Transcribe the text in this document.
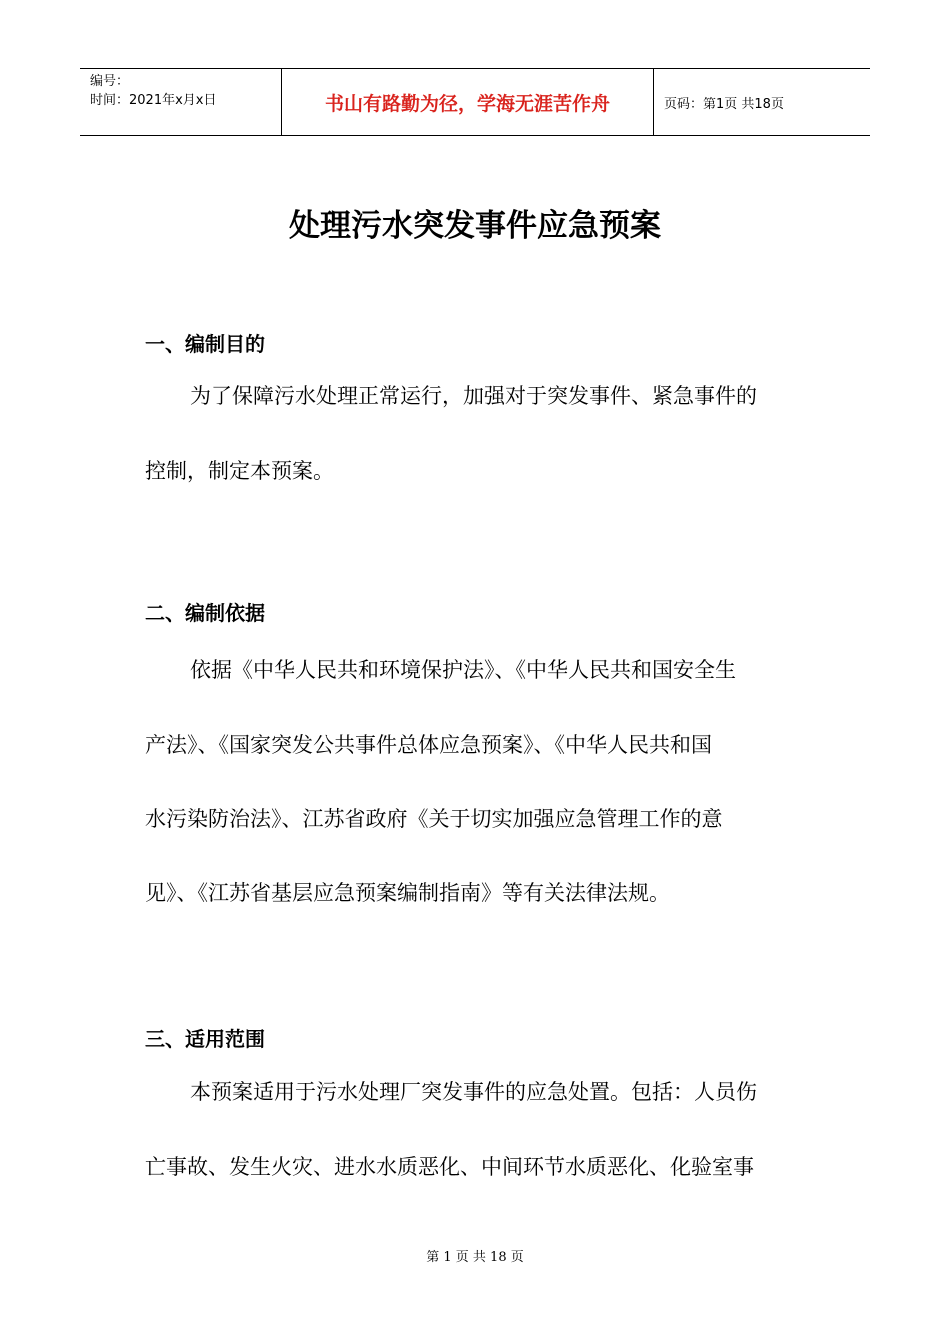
编号：
时间：2021年x月x日	书山有路勤为径，学海无涯苦作舟	页码：第1页 共18页
处理污水突发事件应急预案
一、编制目的
为了保障污水处理正常运行，加强对于突发事件、紧急事件的
控制，制定本预案。
二、编制依据
依据《中华人民共和环境保护法》、《中华人民共和国安全生
产法》、《国家突发公共事件总体应急预案》、《中华人民共和国
水污染防治法》、江苏省政府《关于切实加强应急管理工作的意
见》、《江苏省基层应急预案编制指南》等有关法律法规。
三、适用范围
本预案适用于污水处理厂突发事件的应急处置。包括：人员伤
亡事故、发生火灾、进水水质恶化、中间环节水质恶化、化验室事
第 1 页 共 18 页
